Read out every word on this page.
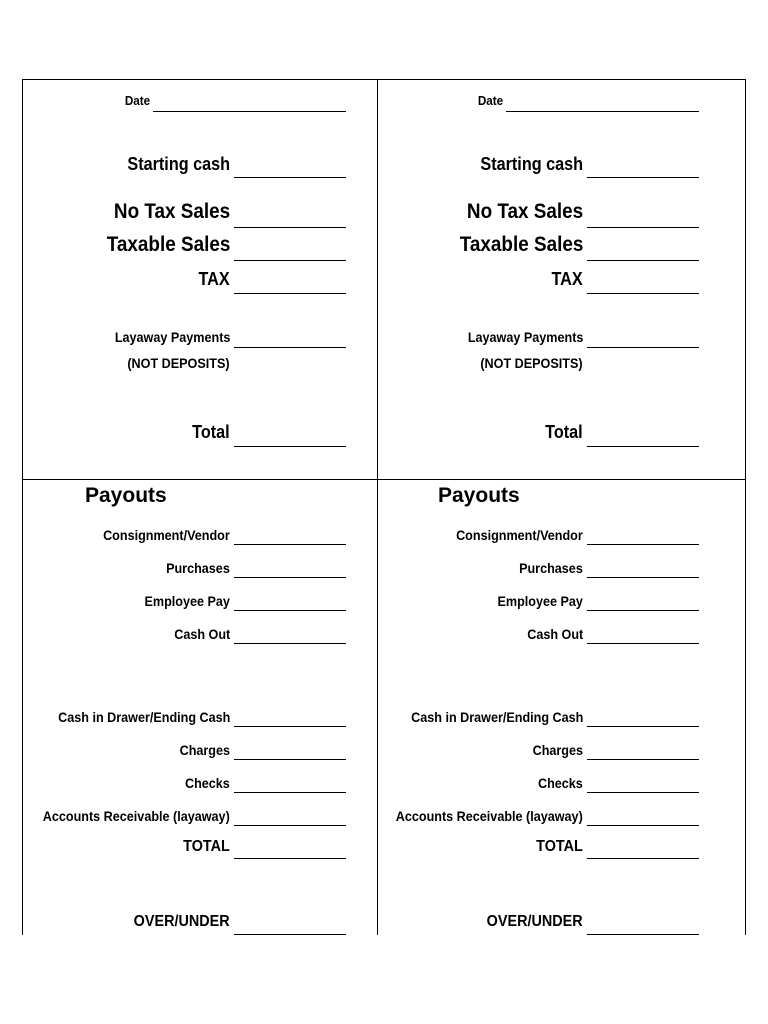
Date
Starting cash
No Tax Sales
Taxable Sales
TAX
Layaway Payments
(NOT DEPOSITS)
Total
Payouts
Consignment/Vendor
Purchases
Employee Pay
Cash Out
Cash in Drawer/Ending Cash
Charges
Checks
Accounts Receivable (layaway)
TOTAL
OVER/UNDER
Date
Starting cash
No Tax Sales
Taxable Sales
TAX
Layaway Payments
(NOT DEPOSITS)
Total
Payouts
Consignment/Vendor
Purchases
Employee Pay
Cash Out
Cash in Drawer/Ending Cash
Charges
Checks
Accounts Receivable (layaway)
TOTAL
OVER/UNDER
